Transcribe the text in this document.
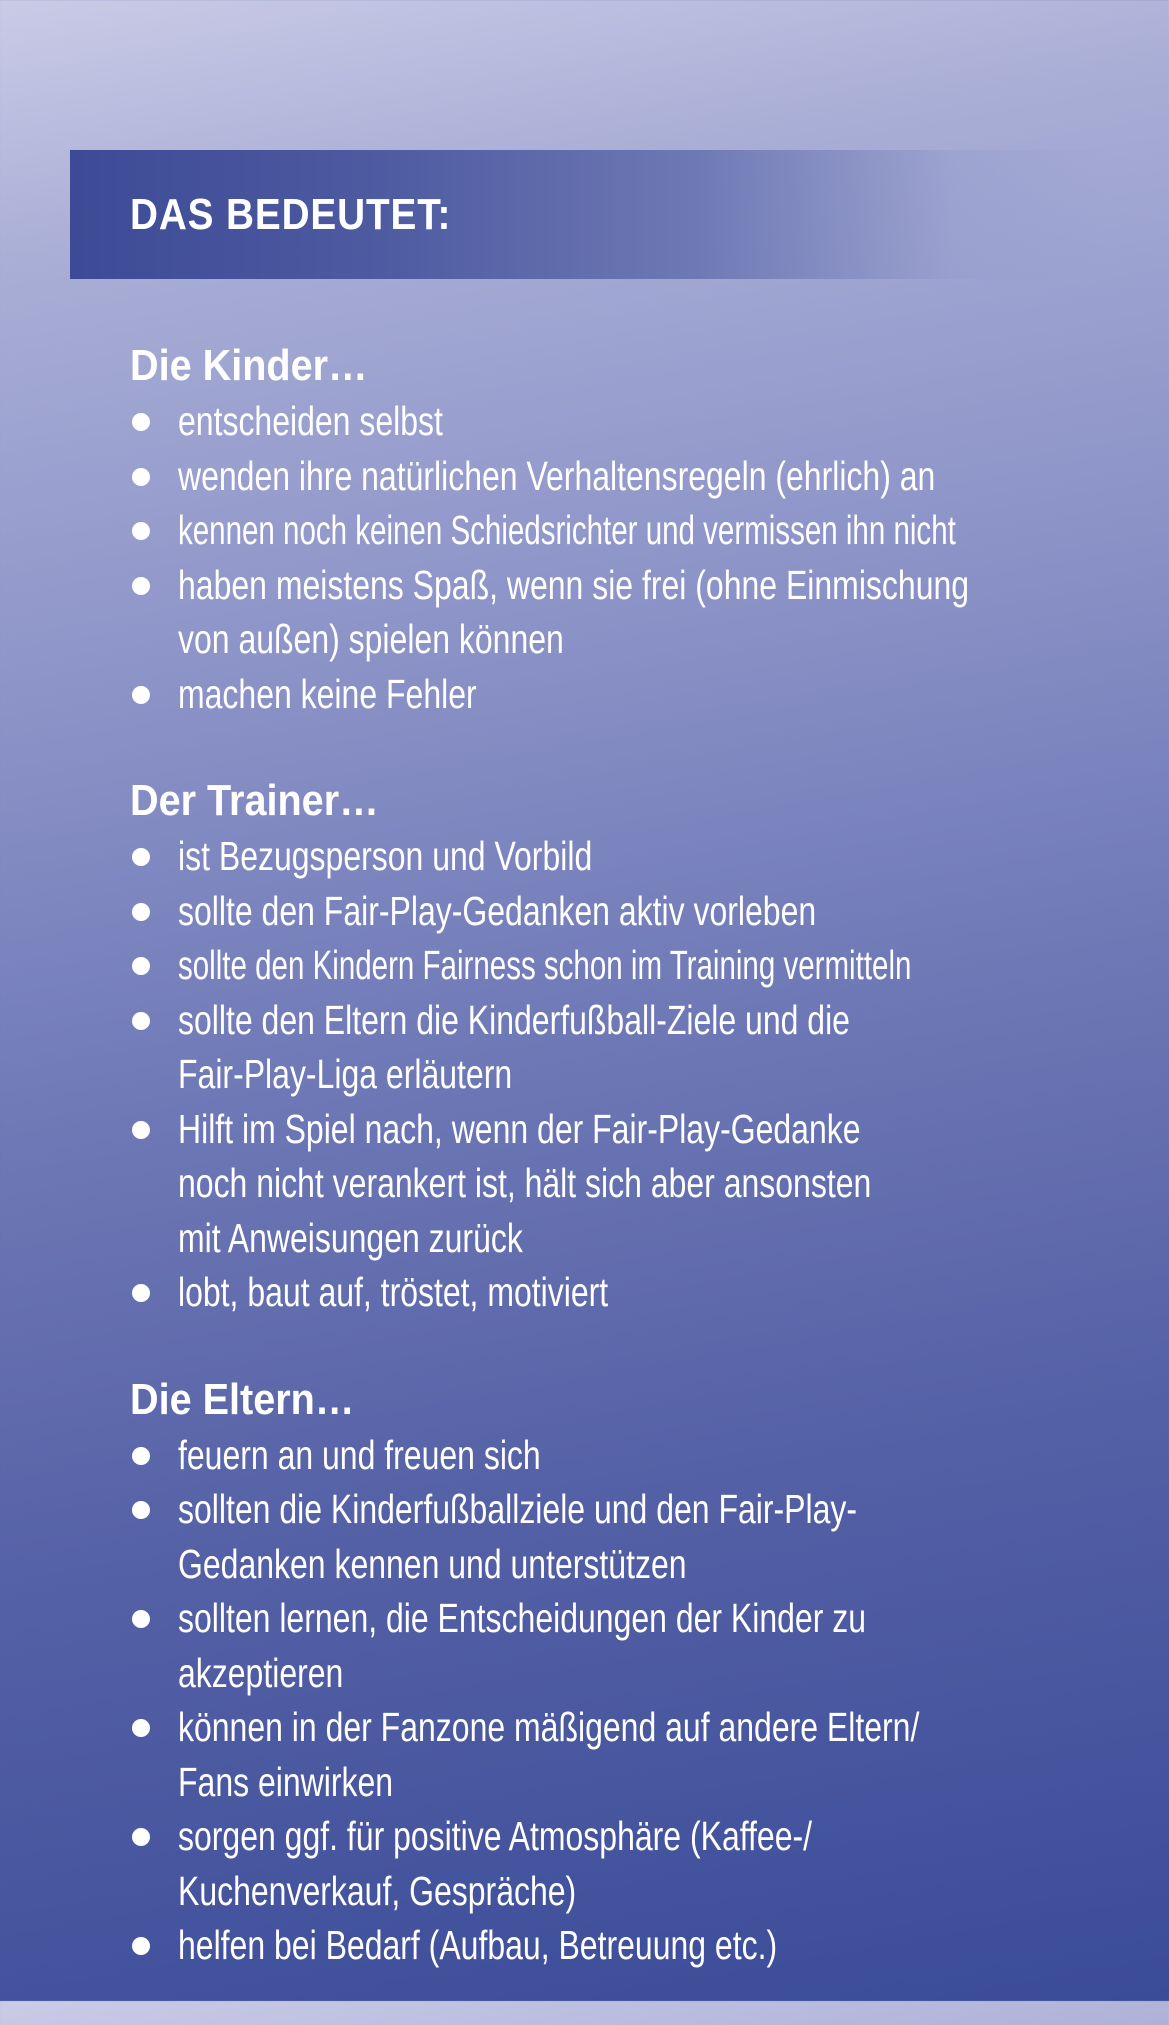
DAS BEDEUTET:
Die Kinder…
entscheiden selbst
wenden ihre natürlichen Verhaltensregeln (ehrlich) an
kennen noch keinen Schiedsrichter und vermissen ihn nicht
haben meistens Spaß, wenn sie frei (ohne Einmischung
von außen) spielen können
machen keine Fehler
Der Trainer…
ist Bezugsperson und Vorbild
sollte den Fair-Play-Gedanken aktiv vorleben
sollte den Kindern Fairness schon im Training vermitteln
sollte den Eltern die Kinderfußball-Ziele und die
Fair-Play-Liga erläutern
Hilft im Spiel nach, wenn der Fair-Play-Gedanke
noch nicht verankert ist, hält sich aber ansonsten
mit Anweisungen zurück
lobt, baut auf, tröstet, motiviert
Die Eltern…
feuern an und freuen sich
sollten die Kinderfußballziele und den Fair-Play-
Gedanken kennen und unterstützen
sollten lernen, die Entscheidungen der Kinder zu
akzeptieren
können in der Fanzone mäßigend auf andere Eltern/
Fans einwirken
sorgen ggf. für positive Atmosphäre (Kaffee-/
Kuchenverkauf, Gespräche)
helfen bei Bedarf (Aufbau, Betreuung etc.)
